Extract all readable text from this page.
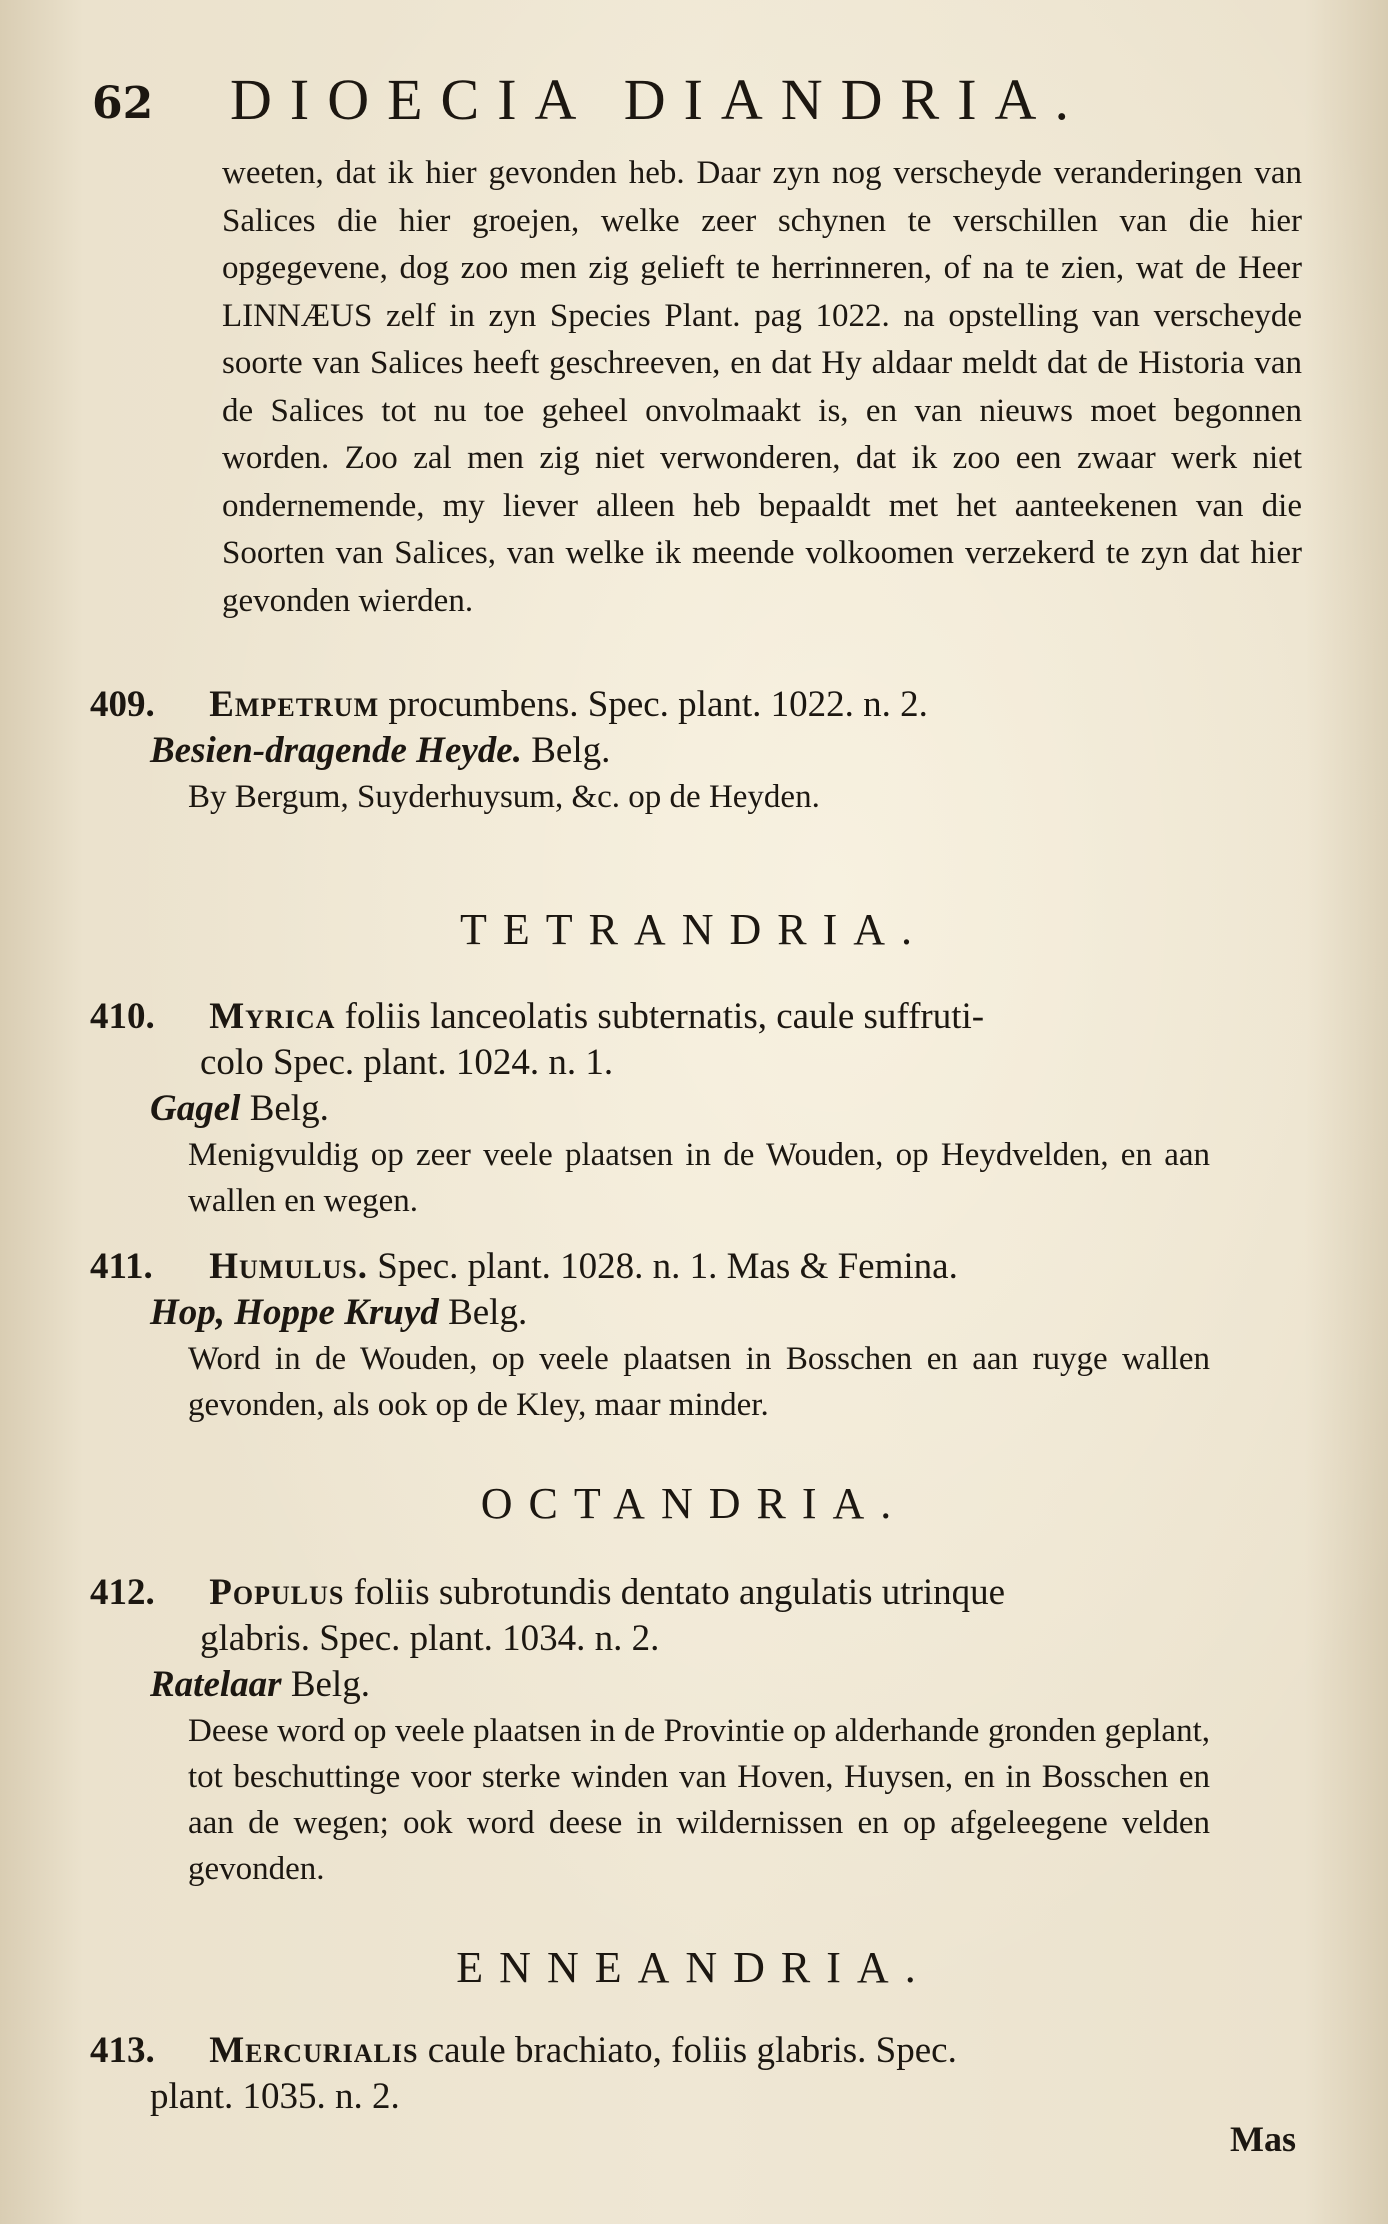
62 DIOECIA DIANDRIA.
weeten, dat ik hier gevonden heb. Daar zyn nog verscheyde veranderingen van Salices die hier groejen, welke zeer schynen te verschillen van die hier opgegevene, dog zoo men zig gelieft te herrinneren, of na te zien, wat de Heer LINNÆUS zelf in zyn Species Plant. pag 1022. na opstelling van verscheyde soorte van Salices heeft geschreeven, en dat Hy aldaar meldt dat de Historia van de Salices tot nu toe geheel onvolmaakt is, en van nieuws moet begonnen worden. Zoo zal men zig niet verwonderen, dat ik zoo een zwaar werk niet ondernemende, my liever alleen heb bepaaldt met het aanteekenen van die Soorten van Salices, van welke ik meende volkoomen verzekerd te zyn dat hier gevonden wierden.
409. Empetrum procumbens. Spec. plant. 1022. n. 2.
Besien-dragende Heyde. Belg.
By Bergum, Suyderhuysum, &c. op de Heyden.
TETRANDRIA.
410. Myrica foliis lanceolatis subternatis, caule suffruti-
colo Spec. plant. 1024. n. 1.
Gagel Belg.
Menigvuldig op zeer veele plaatsen in de Wouden, op Heydvelden, en aan wallen en wegen.
411. Humulus. Spec. plant. 1028. n. 1. Mas & Femina.
Hop, Hoppe Kruyd Belg.
Word in de Wouden, op veele plaatsen in Bosschen en aan ruyge wallen gevonden, als ook op de Kley, maar minder.
OCTANDRIA.
412. Populus foliis subrotundis dentato angulatis utrinque
glabris. Spec. plant. 1034. n. 2.
Ratelaar Belg.
Deese word op veele plaatsen in de Provintie op alderhande gronden geplant, tot beschuttinge voor sterke winden van Hoven, Huysen, en in Bosschen en aan de wegen; ook word deese in wildernissen en op afgeleegene velden gevonden.
ENNEANDRIA.
413. Mercurialis caule brachiato, foliis glabris. Spec.
plant. 1035. n. 2.
Mas
